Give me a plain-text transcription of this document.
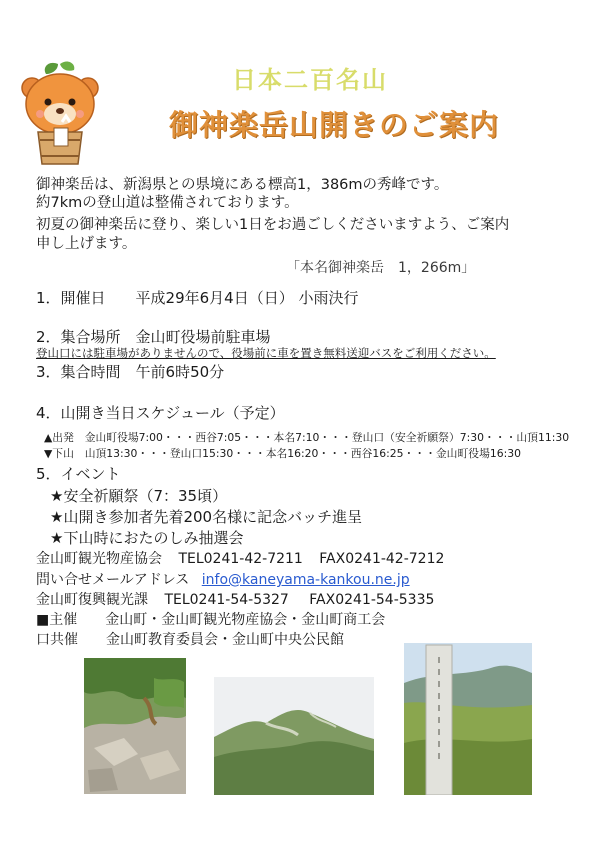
日本二百名山
御神楽岳山開きのご案内
御神楽岳は、新潟県との県境にある標高1，386mの秀峰です。
約7kmの登山道は整備されております。
初夏の御神楽岳に登り、楽しい1日をお過ごしくださいますよう、ご案内
申し上げます。
「本名御神楽岳　1，266m」
1．開催日　　平成29年6月4日（日） 小雨決行
2．集合場所　金山町役場前駐車場
登山口には駐車場がありませんので、役場前に車を置き無料送迎バスをご利用ください。
3．集合時間　午前6時50分
4．山開き当日スケジュール（予定）
▲出発　金山町役場7:00・・・西谷7:05・・・本名7:10・・・登山口（安全祈願祭）7:30・・・山頂11:30
▼下山　山頂13:30・・・登山口15:30・・・本名16:20・・・西谷16:25・・・金山町役場16:30
5．イベント
★安全祈願祭（7：35頃）
★山開き参加者先着200名様に記念バッチ進呈
★下山時におたのしみ抽選会
金山町観光物産協会 TEL0241-42-7211 FAX0241-42-7212
問い合せメールアドレス info@kaneyama-kankou.ne.jp
金山町復興観光課 TEL0241-54-5327 FAX0241-54-5335
■主催　　金山町・金山町観光物産協会・金山町商工会
口共催　　金山町教育委員会・金山町中央公民館
